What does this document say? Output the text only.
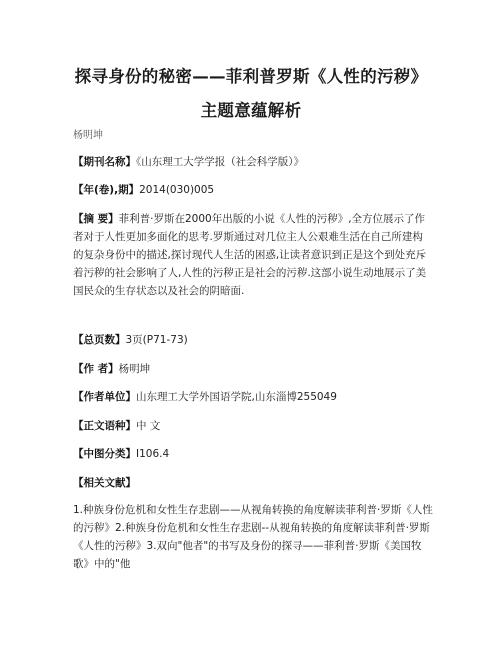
探寻身份的秘密——菲利普罗斯《人性的污秽》主题意蕴解析
杨明坤
【期刊名称】《山东理工大学学报（社会科学版）》
【年(卷),期】2014(030)005
【摘 要】菲利普·罗斯在2000年出版的小说《人性的污秽》,全方位展示了作者对于人性更加多面化的思考.罗斯通过对几位主人公艰难生活在自己所建构的复杂身份中的描述,探讨现代人生活的困惑,让读者意识到正是这个到处充斥着污秽的社会影响了人,人性的污秽正是社会的污秽.这部小说生动地展示了美国民众的生存状态以及社会的阴暗面.
【总页数】3页(P71-73)
【作 者】杨明坤
【作者单位】山东理工大学外国语学院,山东淄博255049
【正文语种】中 文
【中图分类】I106.4
【相关文献】
1.种族身份危机和女性生存悲剧——从视角转换的角度解读菲利普·罗斯《人性的污秽》2.种族身份危机和女性生存悲剧--从视角转换的角度解读菲利普·罗斯《人性的污秽》3.双向"他者"的书写及身份的探寻——菲利普·罗斯《美国牧歌》中的"他
